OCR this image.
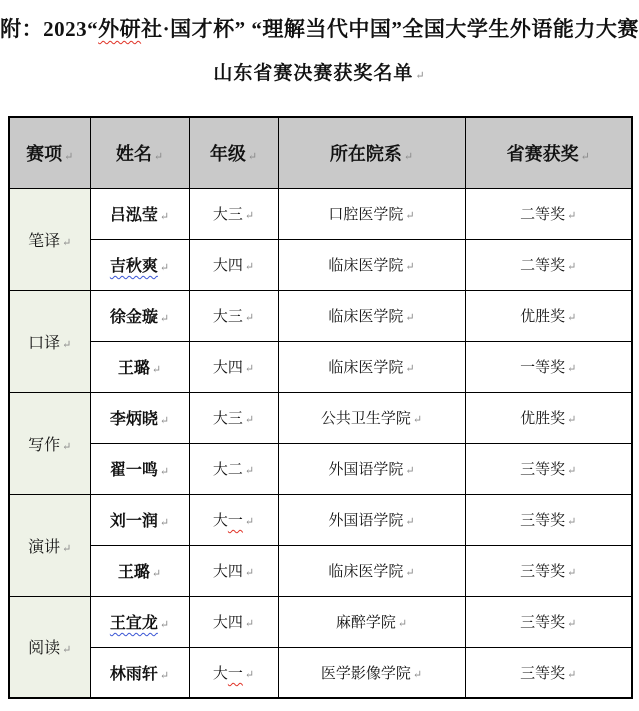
附：2023“外研社·国才杯” “理解当代中国”全国大学生外语能力大赛
山东省赛决赛获奖名单 ↵
赛项 ↵	姓名 ↵	年级 ↵	所在院系 ↵	省赛获奖 ↵
笔译 ↵	吕泓莹 ↵	大三 ↵	口腔医学院 ↵	二等奖 ↵
	吉秋爽 ↵	大四 ↵	临床医学院 ↵	二等奖 ↵
口译 ↵	徐金璇 ↵	大三 ↵	临床医学院 ↵	优胜奖 ↵
	王璐 ↵	大四 ↵	临床医学院 ↵	一等奖 ↵
写作 ↵	李炳晓 ↵	大三 ↵	公共卫生学院 ↵	优胜奖 ↵
	翟一鸣 ↵	大二 ↵	外国语学院 ↵	三等奖 ↵
演讲 ↵	刘一润 ↵	大一 ↵	外国语学院 ↵	三等奖 ↵
	王璐 ↵	大四 ↵	临床医学院 ↵	三等奖 ↵
阅读 ↵	王宜龙 ↵	大四 ↵	麻醉学院 ↵	三等奖 ↵
	林雨轩 ↵	大一 ↵	医学影像学院 ↵	三等奖 ↵
